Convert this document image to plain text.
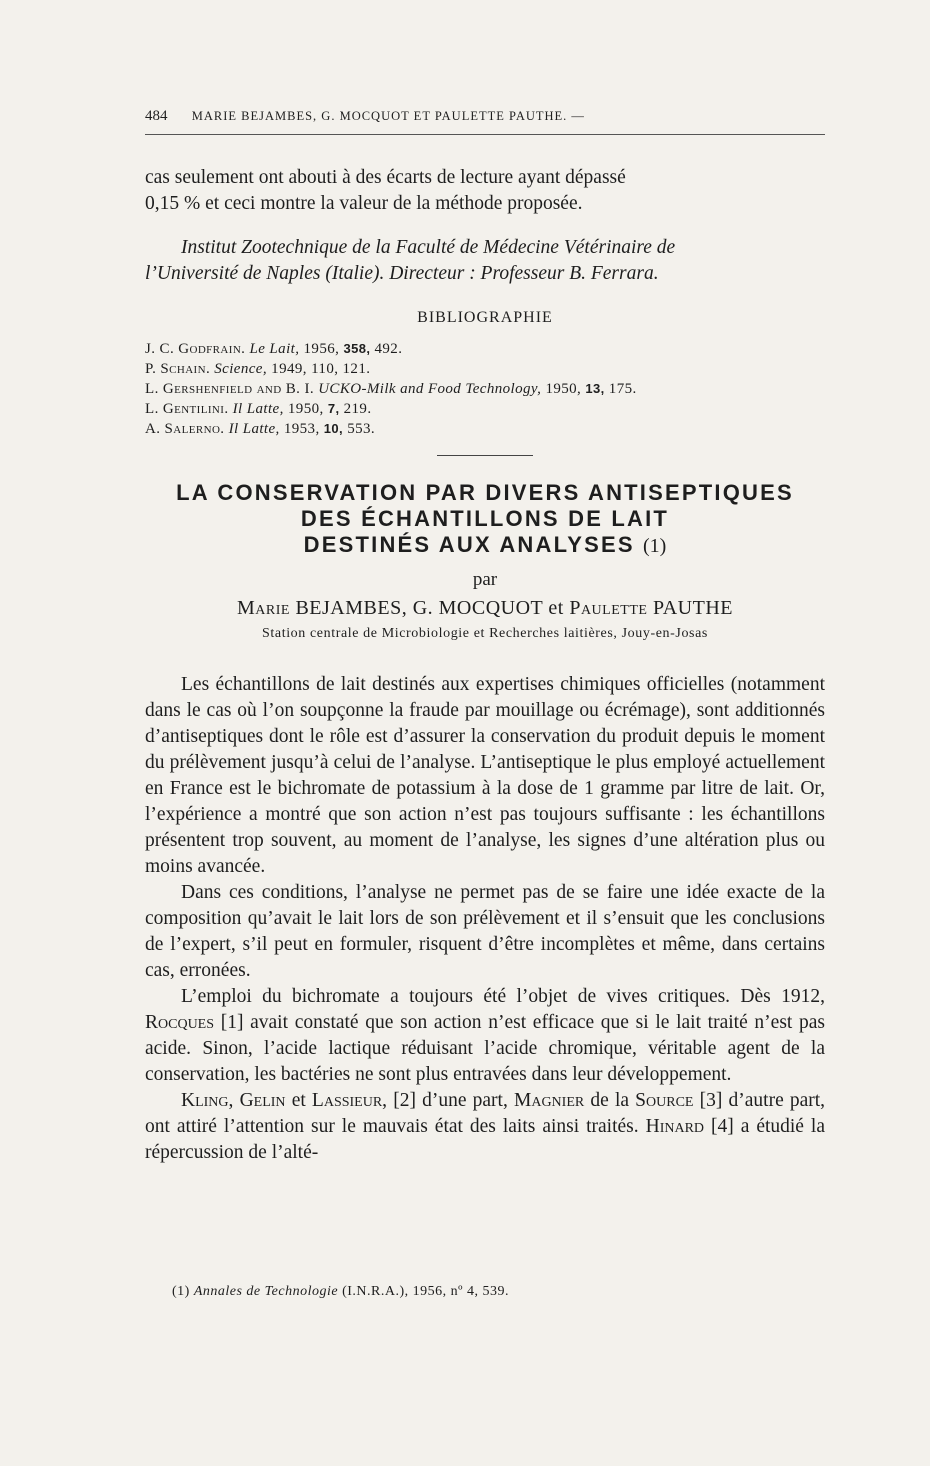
484 MARIE BEJAMBES, G. MOCQUOT ET PAULETTE PAUTHE. —

cas seulement ont abouti à des écarts de lecture ayant dépassé
0,15 % et ceci montre la valeur de la méthode proposée.

Institut Zootechnique de la Faculté de Médecine Vétérinaire de
l’Université de Naples (Italie). Directeur : Professeur B. Ferrara.

BIBLIOGRAPHIE
J. C. Godfrain. Le Lait, 1956, 358, 492.
P. Schain. Science, 1949, 110, 121.
L. Gershenfield and B. I. UCKO-Milk and Food Technology, 1950, 13, 175.
L. Gentilini. Il Latte, 1950, 7, 219.
A. Salerno. Il Latte, 1953, 10, 553.
LA CONSERVATION PAR DIVERS ANTISEPTIQUES
DES ÉCHANTILLONS DE LAIT
DESTINÉS AUX ANALYSES (1)
par
Marie BEJAMBES, G. MOCQUOT et Paulette PAUTHE
Station centrale de Microbiologie et Recherches laitières, Jouy-en-Josas

Les échantillons de lait destinés aux expertises chimiques officielles (notamment dans le cas où l’on soupçonne la fraude par mouillage ou écrémage), sont additionnés d’antiseptiques dont le rôle est d’assurer la conservation du produit depuis le moment du prélèvement jusqu’à celui de l’analyse. L’antiseptique le plus employé actuellement en France est le bichromate de potassium à la dose de 1 gramme par litre de lait. Or, l’expérience a montré que son action n’est pas toujours suffisante : les échantillons présentent trop souvent, au moment de l’analyse, les signes d’une altération plus ou moins avancée.

Dans ces conditions, l’analyse ne permet pas de se faire une idée exacte de la composition qu’avait le lait lors de son prélèvement et il s’ensuit que les conclusions de l’expert, s’il peut en formuler, risquent d’être incomplètes et même, dans certains cas, erronées.

L’emploi du bichromate a toujours été l’objet de vives critiques. Dès 1912, Rocques [1] avait constaté que son action n’est efficace que si le lait traité n’est pas acide. Sinon, l’acide lactique réduisant l’acide chromique, véritable agent de la conservation, les bactéries ne sont plus entravées dans leur développement.

Kling, Gelin et Lassieur, [2] d’une part, Magnier de la Source [3] d’autre part, ont attiré l’attention sur le mauvais état des laits ainsi traités. Hinard [4] a étudié la répercussion de l’alté-

(1) Annales de Technologie (I.N.R.A.), 1956, nº 4, 539.
